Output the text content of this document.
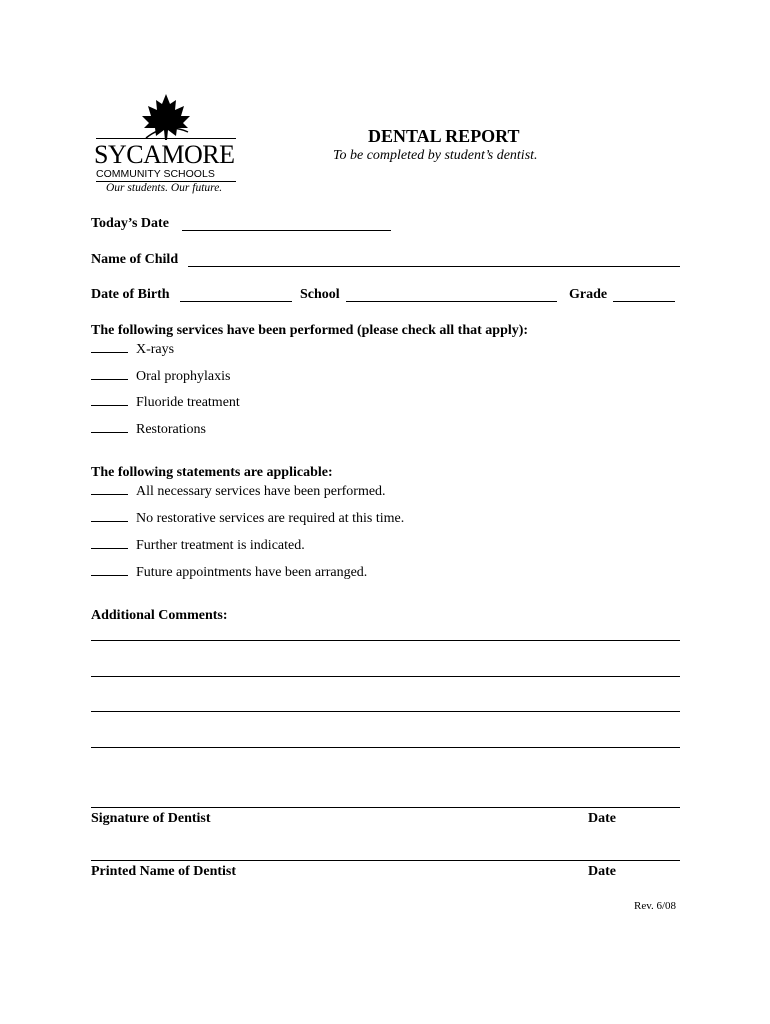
SYCAMORE
COMMUNITY SCHOOLS
Our students. Our future.
DENTAL REPORT
To be completed by student’s dentist.
Today’s Date
Name of Child
Date of Birth	School	Grade
The following services have been performed (please check all that apply):
X-rays
Oral prophylaxis
Fluoride treatment
Restorations
The following statements are applicable:
All necessary services have been performed.
No restorative services are required at this time.
Further treatment is indicated.
Future appointments have been arranged.
Additional Comments:
Signature of Dentist	Date
Printed Name of Dentist	Date
Rev. 6/08
